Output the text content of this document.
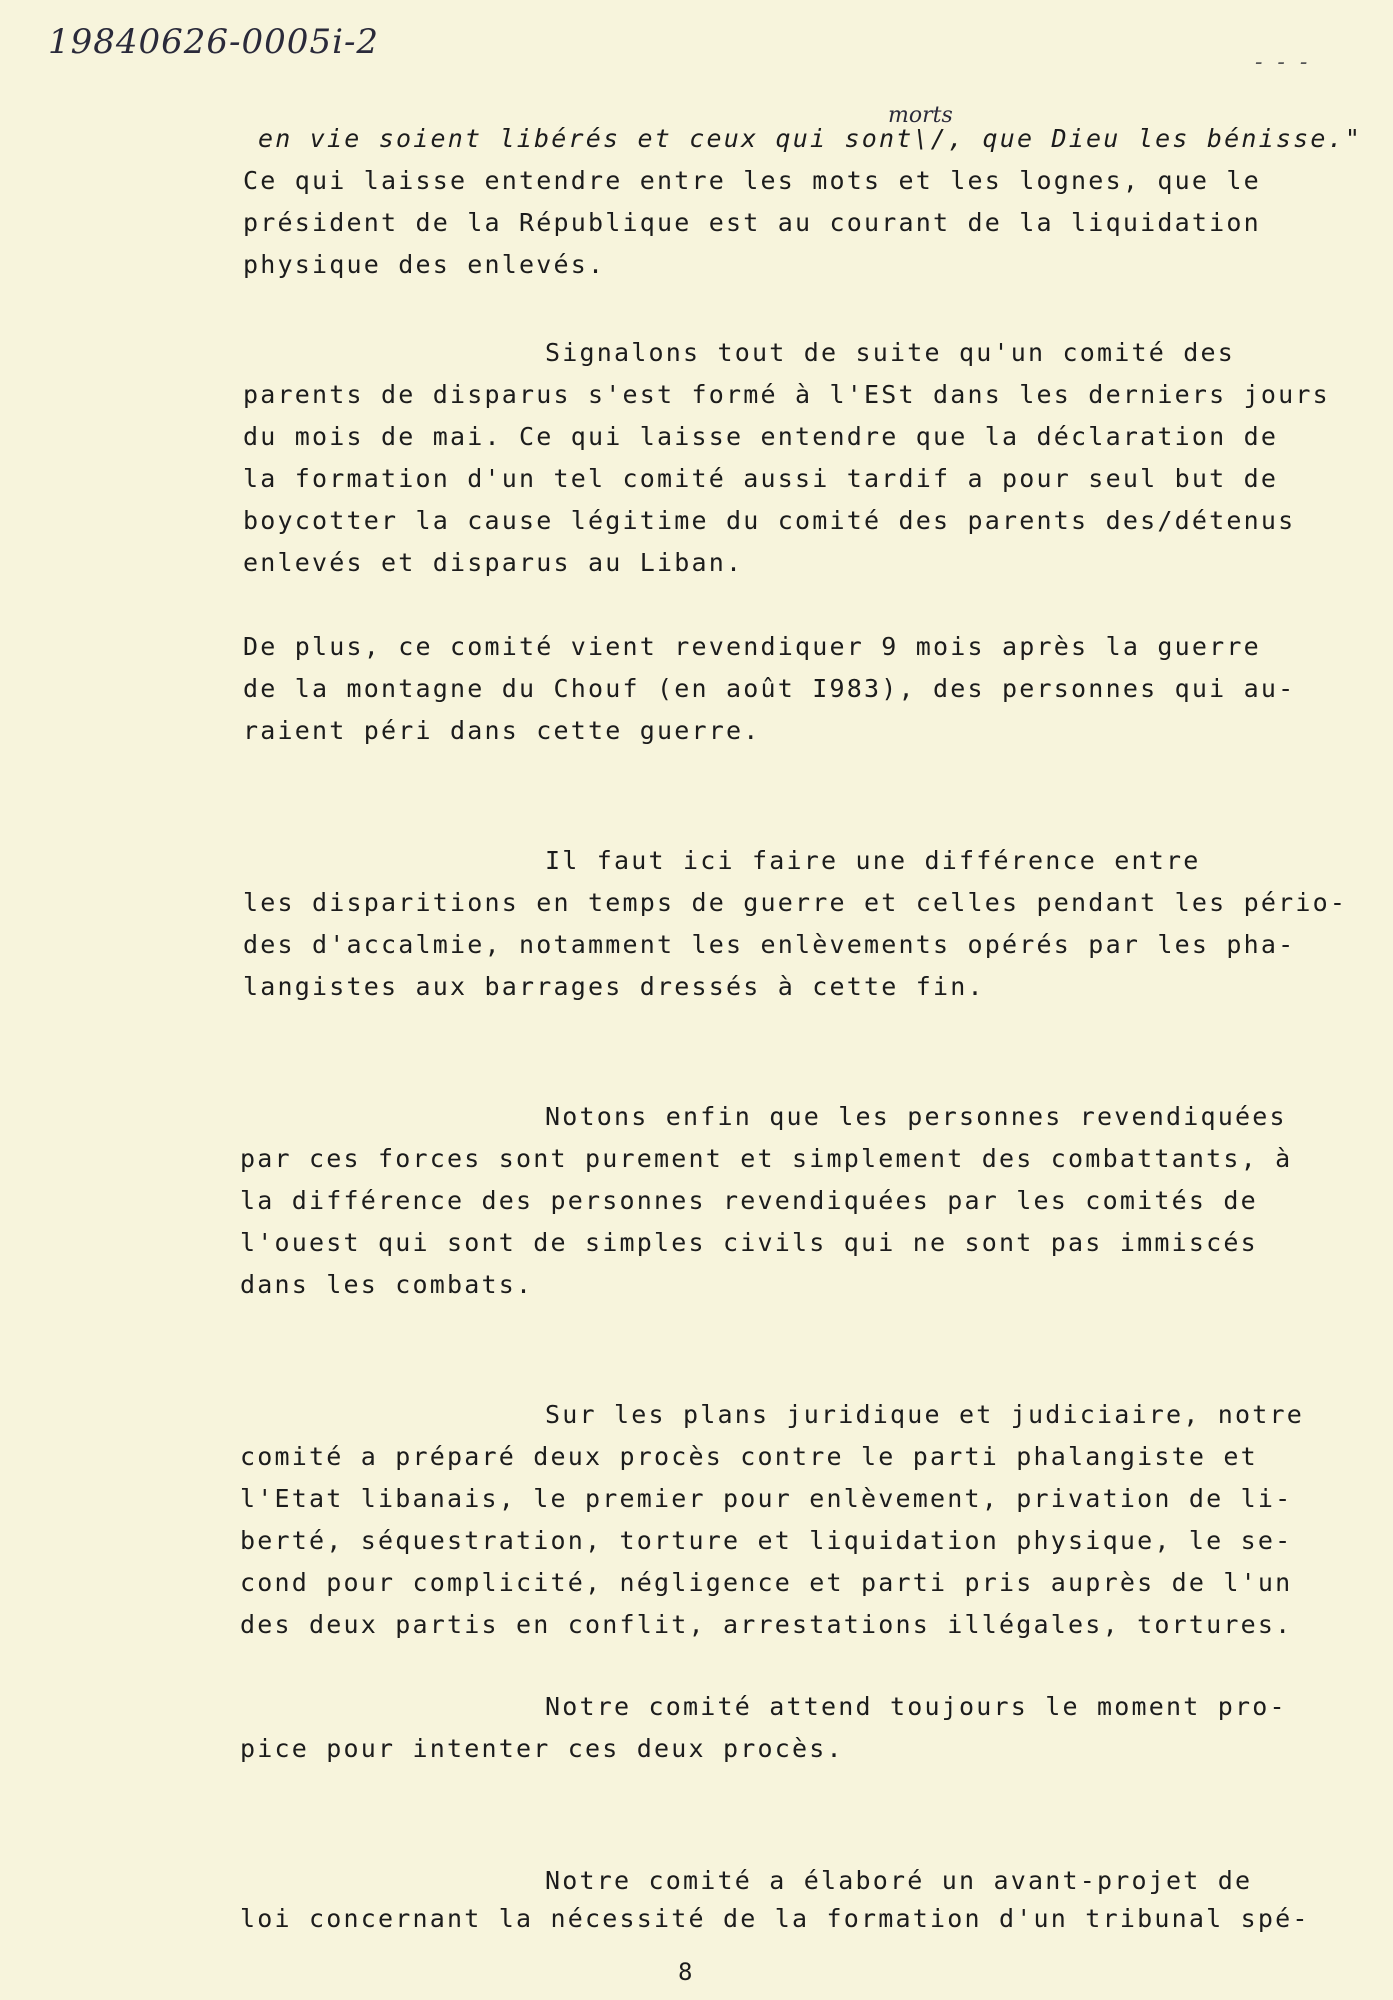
19840626-0005i-2
- - -
morts
en vie soient libérés et ceux qui sont\/, que Dieu les bénisse."
Ce qui laisse entendre entre les mots et les lognes, que le
président de la République est au courant de la liquidation
physique des enlevés.
Signalons tout de suite qu'un comité des
parents de disparus s'est formé à l'ESt dans les derniers jours
du mois de mai. Ce qui laisse entendre que la déclaration de
la formation d'un tel comité aussi tardif a pour seul but de
boycotter la cause légitime du comité des parents des/détenus
enlevés et disparus au Liban.
De plus, ce comité vient revendiquer 9 mois après la guerre
de la montagne du Chouf (en août I983), des personnes qui au-
raient péri dans cette guerre.
Il faut ici faire une différence entre
les disparitions en temps de guerre et celles pendant les pério-
des d'accalmie, notamment les enlèvements opérés par les pha-
langistes aux barrages dressés à cette fin.
Notons enfin que les personnes revendiquées
par ces forces sont purement et simplement des combattants, à
la différence des personnes revendiquées par les comités de
l'ouest qui sont de simples civils qui ne sont pas immiscés
dans les combats.
Sur les plans juridique et judiciaire, notre
comité a préparé deux procès contre le parti phalangiste et
l'Etat libanais, le premier pour enlèvement, privation de li-
berté, séquestration, torture et liquidation physique, le se-
cond pour complicité, négligence et parti pris auprès de l'un
des deux partis en conflit, arrestations illégales, tortures.
Notre comité attend toujours le moment pro-
pice pour intenter ces deux procès.
Notre comité a élaboré un avant-projet de
loi concernant la nécessité de la formation d'un tribunal spé-
8
